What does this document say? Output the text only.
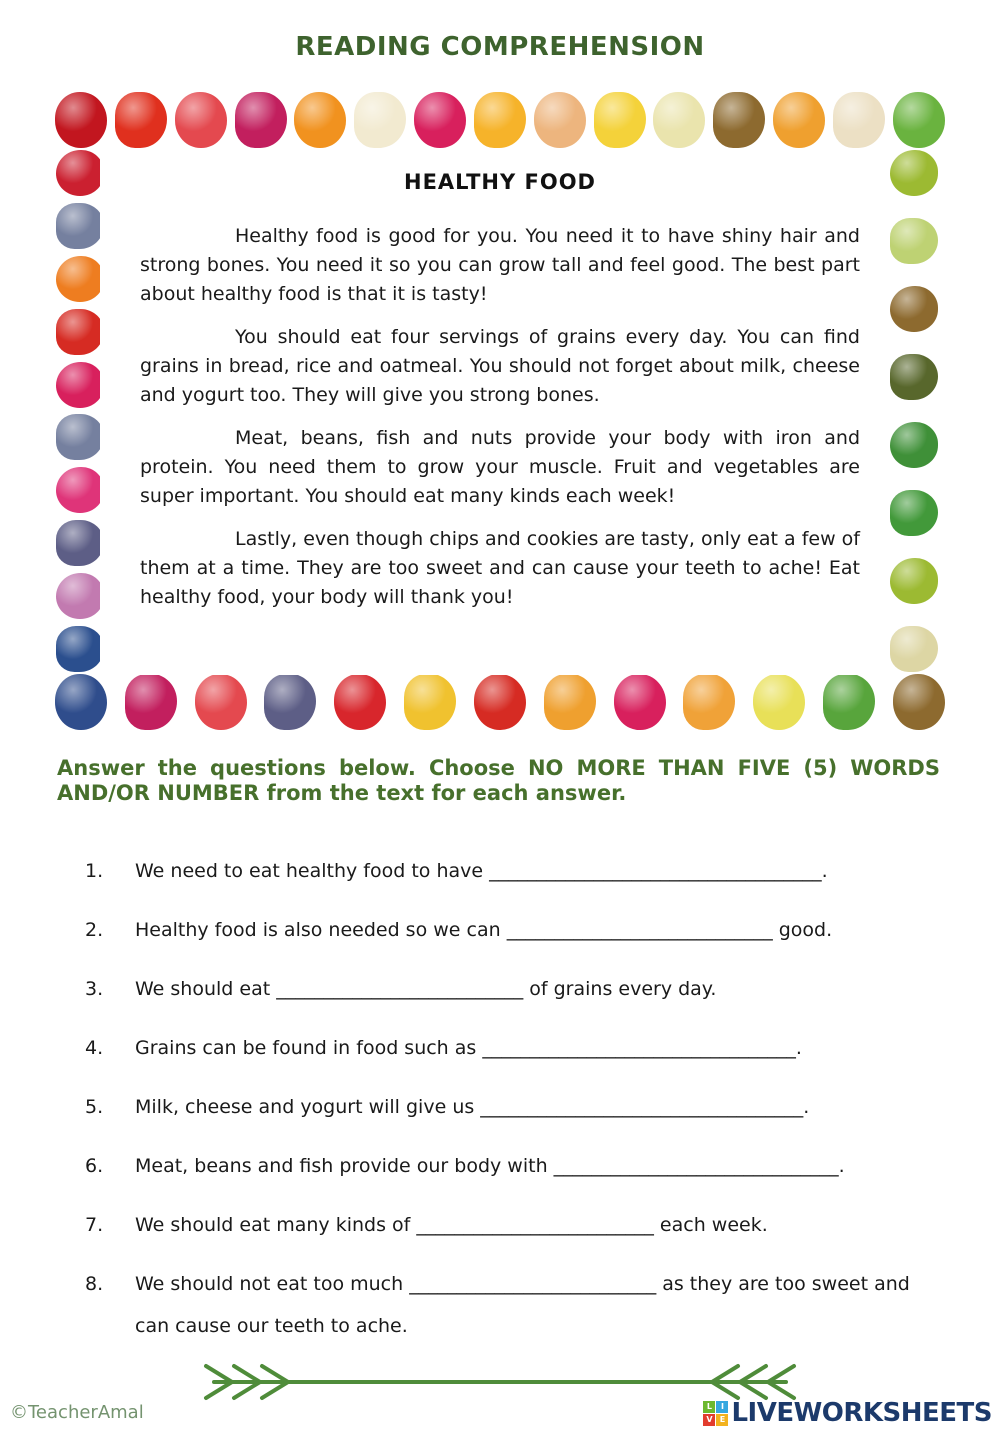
READING COMPREHENSION
HEALTHY FOOD

Healthy food is good for you. You need it to have shiny hair and strong bones. You need it so you can grow tall and feel good. The best part about healthy food is that it is tasty!

You should eat four servings of grains every day. You can find grains in bread, rice and oatmeal. You should not forget about milk, cheese and yogurt too. They will give you strong bones.

Meat, beans, fish and nuts provide your body with iron and protein. You need them to grow your muscle. Fruit and vegetables are super important. You should eat many kinds each week!

Lastly, even though chips and cookies are tasty, only eat a few of them at a time. They are too sweet and can cause your teeth to ache! Eat healthy food, your body will thank you!

Answer the questions below. Choose NO MORE THAN FIVE (5) WORDS AND/OR NUMBER from the text for each answer.
1.	We need to eat healthy food to have ___________________________________.
2.	Healthy food is also needed so we can ____________________________ good.
3.	We should eat __________________________ of grains every day.
4.	Grains can be found in food such as _________________________________.
5.	Milk, cheese and yogurt will give us __________________________________.
6.	Meat, beans and fish provide our body with ______________________________.
7.	We should eat many kinds of _________________________ each week.
8.	We should not eat too much __________________________ as they are too sweet and can cause our teeth to ache.
©TeacherAmal	L	I
V E LIVEWORKSHEETS
